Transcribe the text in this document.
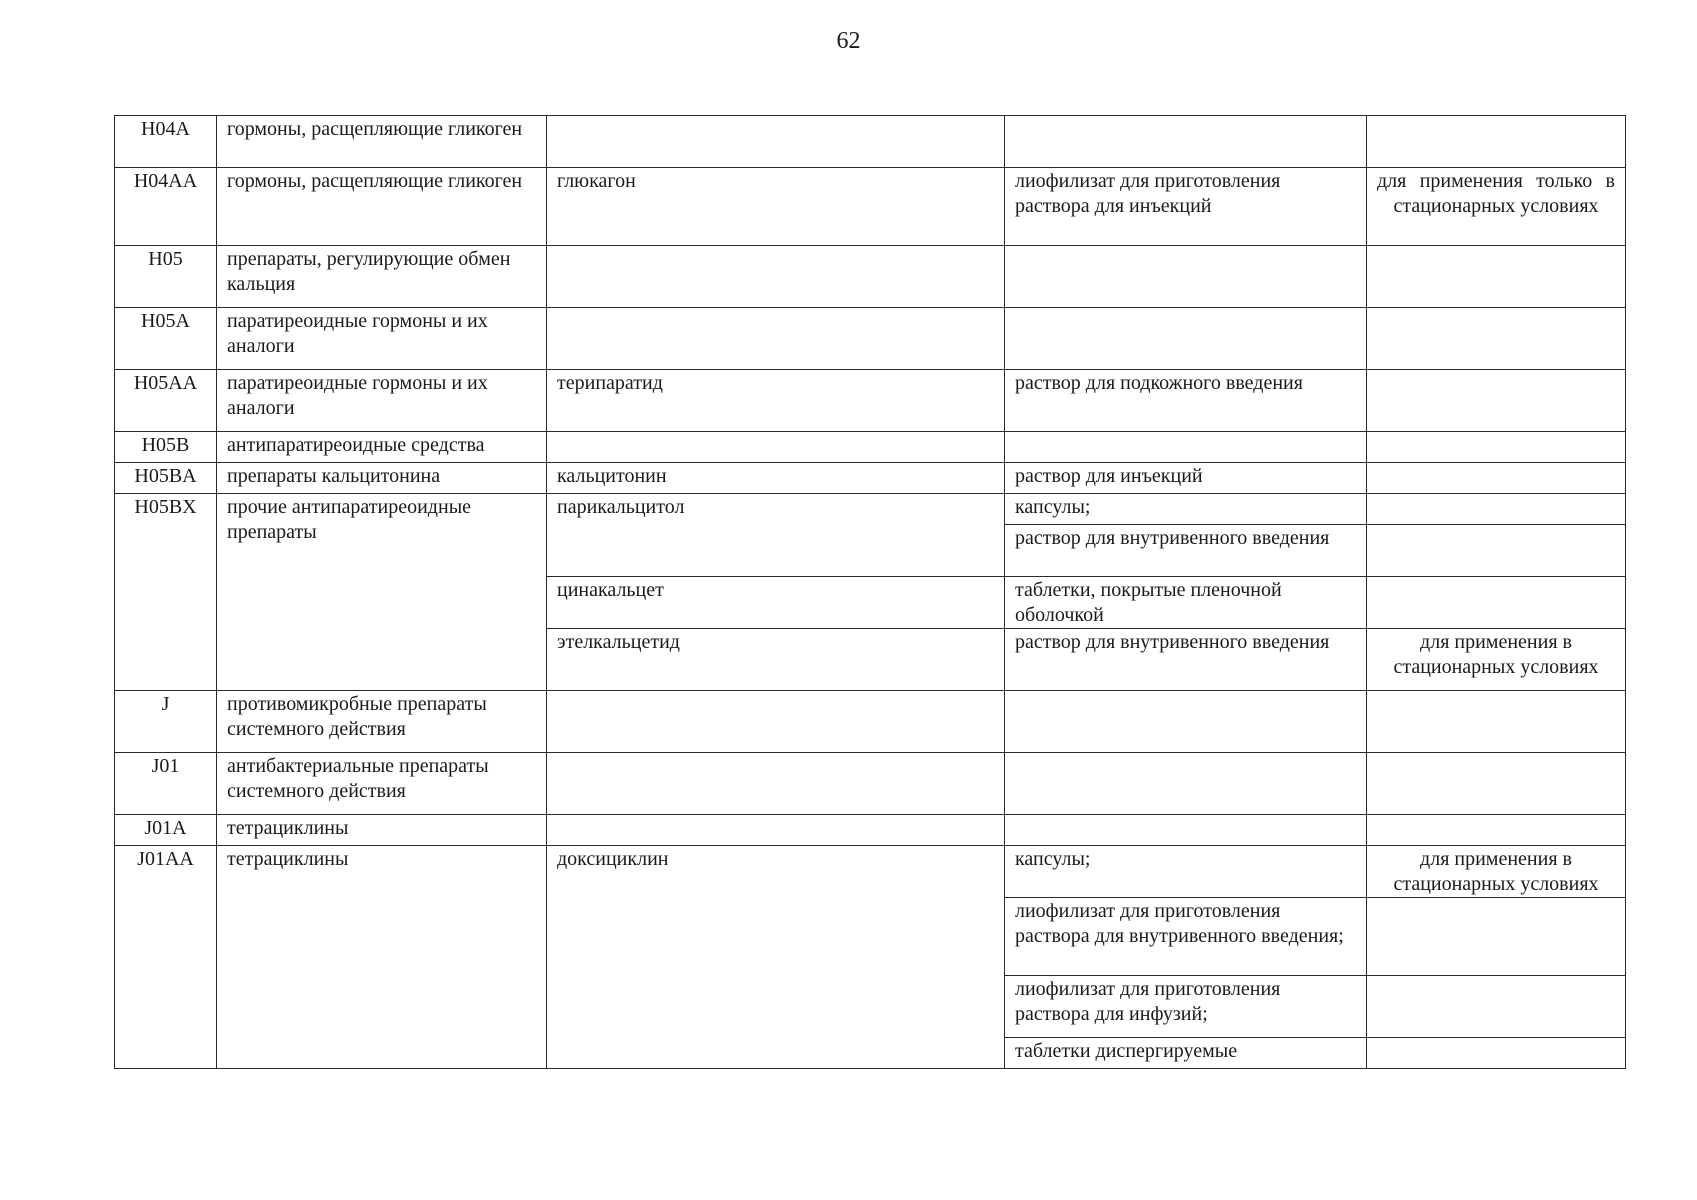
62
H04A	гормоны, расщепляющие гликоген			
H04AA	гормоны, расщепляющие гликоген	глюкагон	лиофилизат для приготовления раствора для инъекций	для применения только в стационарных условиях
H05	препараты, регулирующие обмен кальция			
H05A	паратиреоидные гормоны и их аналоги			
H05AA	паратиреоидные гормоны и их аналоги	терипаратид	раствор для подкожного введения	
H05B	антипаратиреоидные средства			
H05BA	препараты кальцитонина	кальцитонин	раствор для инъекций	
H05BX	прочие антипаратиреоидные препараты	парикальцитол	капсулы;	
			раствор для внутривенного введения	
		цинакальцет	таблетки, покрытые пленочной оболочкой	
		этелкальцетид	раствор для внутривенного введения	для применения в стационарных условиях
J	противомикробные препараты системного действия			
J01	антибактериальные препараты системного действия			
J01A	тетрациклины			
J01AA	тетрациклины	доксициклин	капсулы;	для применения в стационарных условиях
			лиофилизат для приготовления раствора для внутривенного введения;	
			лиофилизат для приготовления раствора для инфузий;	
			таблетки диспергируемые	
